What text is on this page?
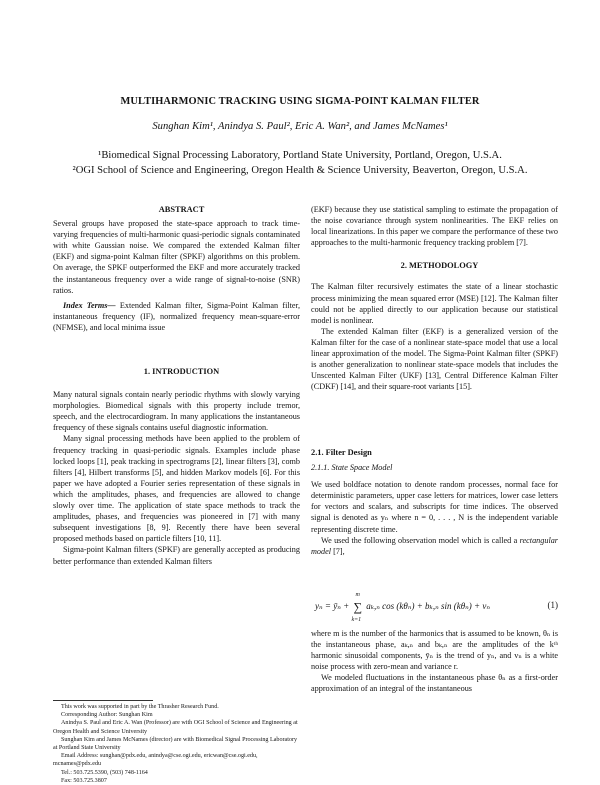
MULTIHARMONIC TRACKING USING SIGMA-POINT KALMAN FILTER
Sunghan Kim¹, Anindya S. Paul², Eric A. Wan², and James McNames¹
¹Biomedical Signal Processing Laboratory, Portland State University, Portland, Oregon, U.S.A.
²OGI School of Science and Engineering, Oregon Health & Science University, Beaverton, Oregon, U.S.A.

ABSTRACT

Several groups have proposed the state-space approach to track time-varying frequencies of multi-harmonic quasi-periodic signals contaminated with white Gaussian noise. We compared the extended Kalman filter (EKF) and sigma-point Kalman filter (SPKF) algorithms on this problem. On average, the SPKF outperformed the EKF and more accurately tracked the instantaneous frequency over a wide range of signal-to-noise (SNR) ratios.

Index Terms— Extended Kalman filter, Sigma-Point Kalman filter, instantaneous frequency (IF), normalized frequency mean-square-error (NFMSE), and local minima issue

1. INTRODUCTION

Many natural signals contain nearly periodic rhythms with slowly varying morphologies. Biomedical signals with this property include tremor, speech, and the electrocardiogram. In many applications the instantaneous frequency of these signals contains useful diagnostic information.

Many signal processing methods have been applied to the problem of frequency tracking in quasi-periodic signals. Examples include phase locked loops [1], peak tracking in spectrograms [2], linear filters [3], comb filters [4], Hilbert transforms [5], and hidden Markov models [6]. For this paper we have adopted a Fourier series representation of these signals in which the amplitudes, phases, and frequencies are allowed to change slowly over time. The application of state space methods to track the amplitudes, phases, and frequencies was pioneered in [7] with many subsequent investigations [8, 9]. Recently there have been several proposed methods based on particle filters [10, 11].

Sigma-point Kalman filters (SPKF) are generally accepted as producing better performance than extended Kalman filters

This work was supported in part by the Thrasher Research Fund.

Corresponding Author: Sunghan Kim

Anindya S. Paul and Eric A. Wan (Professor) are with OGI School of Science and Engineering at Oregon Health and Science University

Sunghan Kim and James McNames (director) are with Biomedical Signal Processing Laboratory at Portland State University

Email Address: sunghan@pdx.edu, anindya@cse.ogi.edu, ericwan@cse.ogi.edu, mcnames@pdx.edu

Tel.: 503.725.5390, (503) 748-1164

Fax: 503.725.3807

(EKF) because they use statistical sampling to estimate the propagation of the noise covariance through system nonlinearities. The EKF relies on local linearizations. In this paper we compare the performance of these two approaches to the multi-harmonic frequency tracking problem [7].

2. METHODOLOGY

The Kalman filter recursively estimates the state of a linear stochastic process minimizing the mean squared error (MSE) [12]. The Kalman filter could not be applied directly to our application because our statistical model is nonlinear.

The extended Kalman filter (EKF) is a generalized version of the Kalman filter for the case of a nonlinear state-space model that use a local linear approximation of the model. The Sigma-Point Kalman filter (SPKF) is another generalization to nonlinear state-space models that includes the Unscented Kalman Filter (UKF) [13], Central Difference Kalman Filter (CDKF) [14], and their square-root variants [15].

2.1. Filter Design

2.1.1. State Space Model

We used boldface notation to denote random processes, normal face for deterministic parameters, upper case letters for matrices, lower case letters for vectors and scalars, and subscripts for time indices. The observed signal is denoted as yₙ where n = 0, . . . , N is the independent variable representing discrete time.

We used the following observation model which is called a rectangular model [7],

yₙ = ȳₙ + ∑
m
k=1
aₖ,ₙ cos (kθₙ) + bₖ,ₙ sin (kθₙ) + vₙ	(1)

where m is the number of the harmonics that is assumed to be known, θₙ is the instantaneous phase, aₖ,ₙ and bₖ,ₙ are the amplitudes of the kᵗʰ harmonic sinusoidal components, ȳₙ is the trend of yₙ, and vₙ is a white noise process with zero-mean and variance r.

We modeled fluctuations in the instantaneous phase θₙ as a first-order approximation of an integral of the instantaneous
